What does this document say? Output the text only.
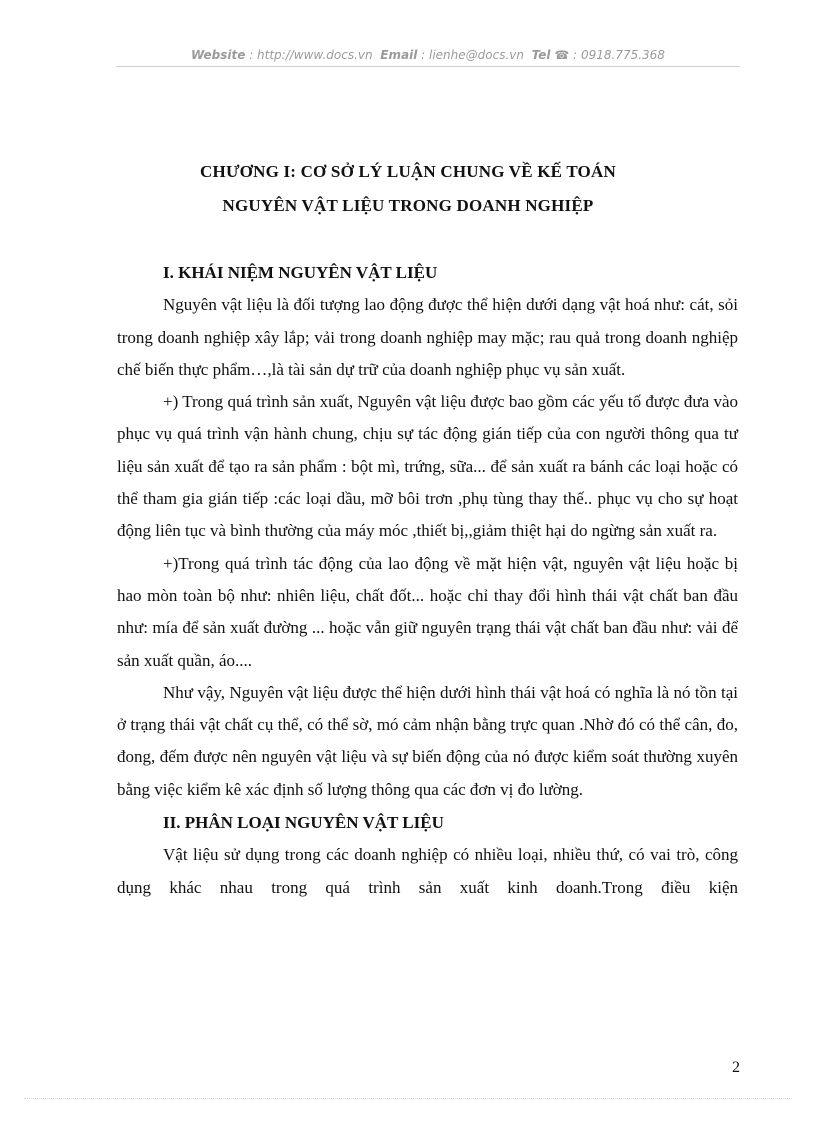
Website : http://www.docs.vn Email : lienhe@docs.vn Tel ☎ : 0918.775.368
CHƯƠNG I: CƠ SỞ LÝ LUẬN CHUNG VỀ KẾ TOÁN
NGUYÊN VẬT LIỆU TRONG DOANH NGHIỆP

I. KHÁI NIỆM NGUYÊN VẬT LIỆU

Nguyên vật liệu là đối tượng lao động được thể hiện dưới dạng vật hoá như: cát, sỏi trong doanh nghiệp xây lắp; vải trong doanh nghiệp may mặc; rau quả trong doanh nghiệp chế biến thực phẩm…,là tài sản dự trữ của doanh nghiệp phục vụ sản xuất.

+) Trong quá trình sản xuất, Nguyên vật liệu được bao gồm các yếu tố được đưa vào phục vụ quá trình vận hành chung, chịu sự tác động gián tiếp của con người thông qua tư liệu sản xuất để tạo ra sản phẩm : bột mì, trứng, sữa... để sản xuất ra bánh các loại hoặc có thể tham gia gián tiếp :các loại dầu, mỡ bôi trơn ,phụ tùng thay thế.. phục vụ cho sự hoạt động liên tục và bình thường của máy móc ,thiết bị,,giảm thiệt hại do ngừng sản xuất ra.

+)Trong quá trình tác động của lao động về mặt hiện vật, nguyên vật liệu hoặc bị hao mòn toàn bộ như: nhiên liệu, chất đốt... hoặc chỉ thay đổi hình thái vật chất ban đầu như: mía để sản xuất đường ... hoặc vẫn giữ nguyên trạng thái vật chất ban đầu như: vải để sản xuất quần, áo....

Như vậy, Nguyên vật liệu được thể hiện dưới hình thái vật hoá có nghĩa là nó tồn tại ở trạng thái vật chất cụ thể, có thể sờ, mó cảm nhận bằng trực quan .Nhờ đó có thể cân, đo, đong, đếm được nên nguyên vật liệu và sự biến động của nó được kiểm soát thường xuyên bằng việc kiểm kê xác định số lượng thông qua các đơn vị đo lường.

II. PHÂN LOẠI NGUYÊN VẬT LIỆU

Vật liệu sử dụng trong các doanh nghiệp có nhiều loại, nhiều thứ, có vai trò, công dụng khác nhau trong quá trình sản xuất kinh doanh.Trong điều kiện

2
